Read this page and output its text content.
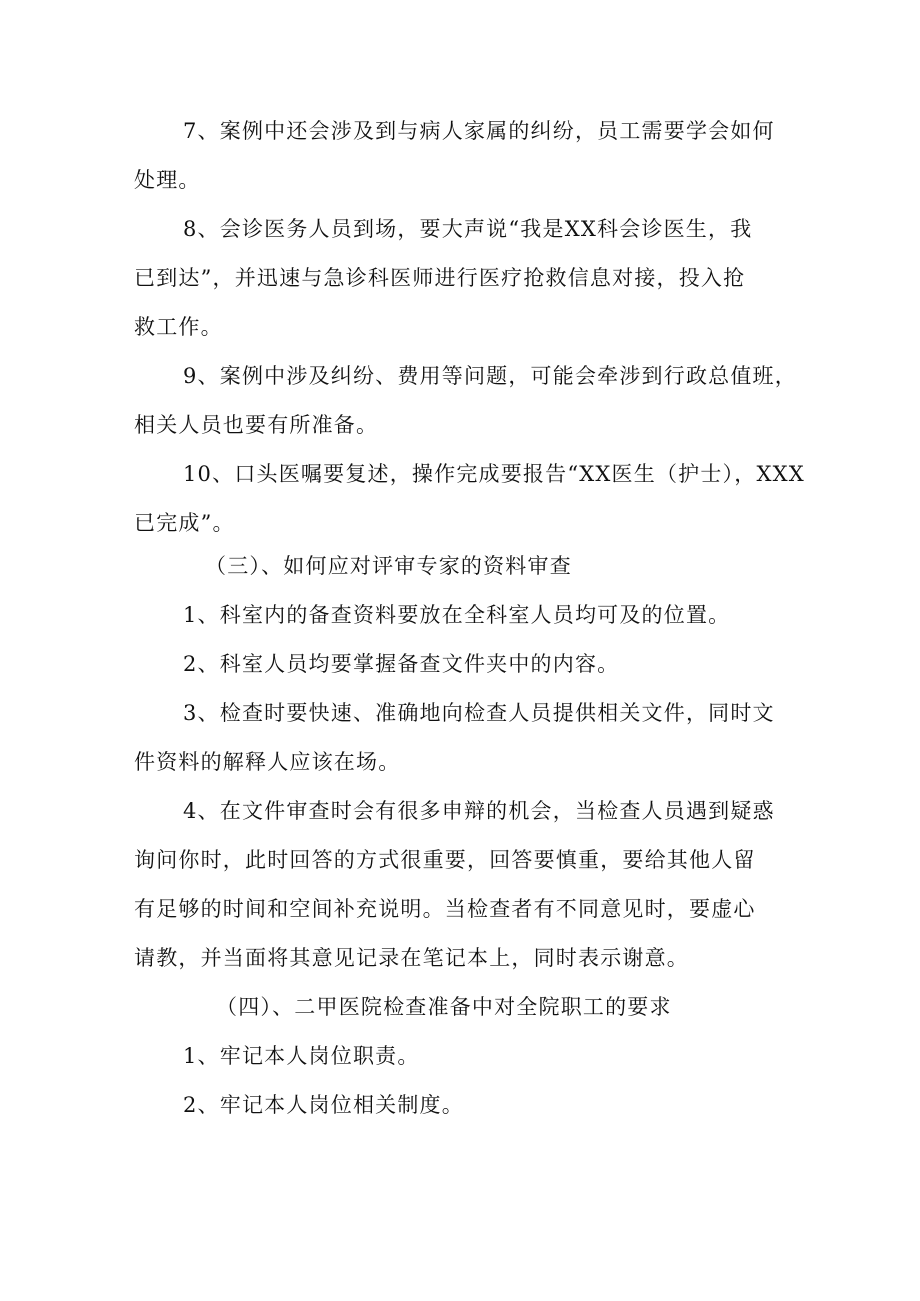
7、案例中还会涉及到与病人家属的纠纷，员工需要学会如何
处理。
8、会诊医务人员到场，要大声说“我是XX科会诊医生，我
已到达”，并迅速与急诊科医师进行医疗抢救信息对接，投入抢
救工作。
9、案例中涉及纠纷、费用等问题，可能会牵涉到行政总值班，
相关人员也要有所准备。
10、口头医嘱要复述，操作完成要报告“XX医生（护士），XXX
已完成”。
（三）、如何应对评审专家的资料审查
1、科室内的备查资料要放在全科室人员均可及的位置。
2、科室人员均要掌握备查文件夹中的内容。
3、检查时要快速、准确地向检查人员提供相关文件，同时文
件资料的解释人应该在场。
4、在文件审查时会有很多申辩的机会，当检查人员遇到疑惑
询问你时，此时回答的方式很重要，回答要慎重，要给其他人留
有足够的时间和空间补充说明。当检查者有不同意见时，要虚心
请教，并当面将其意见记录在笔记本上，同时表示谢意。
（四）、二甲医院检查准备中对全院职工的要求
1、牢记本人岗位职责。
2、牢记本人岗位相关制度。
